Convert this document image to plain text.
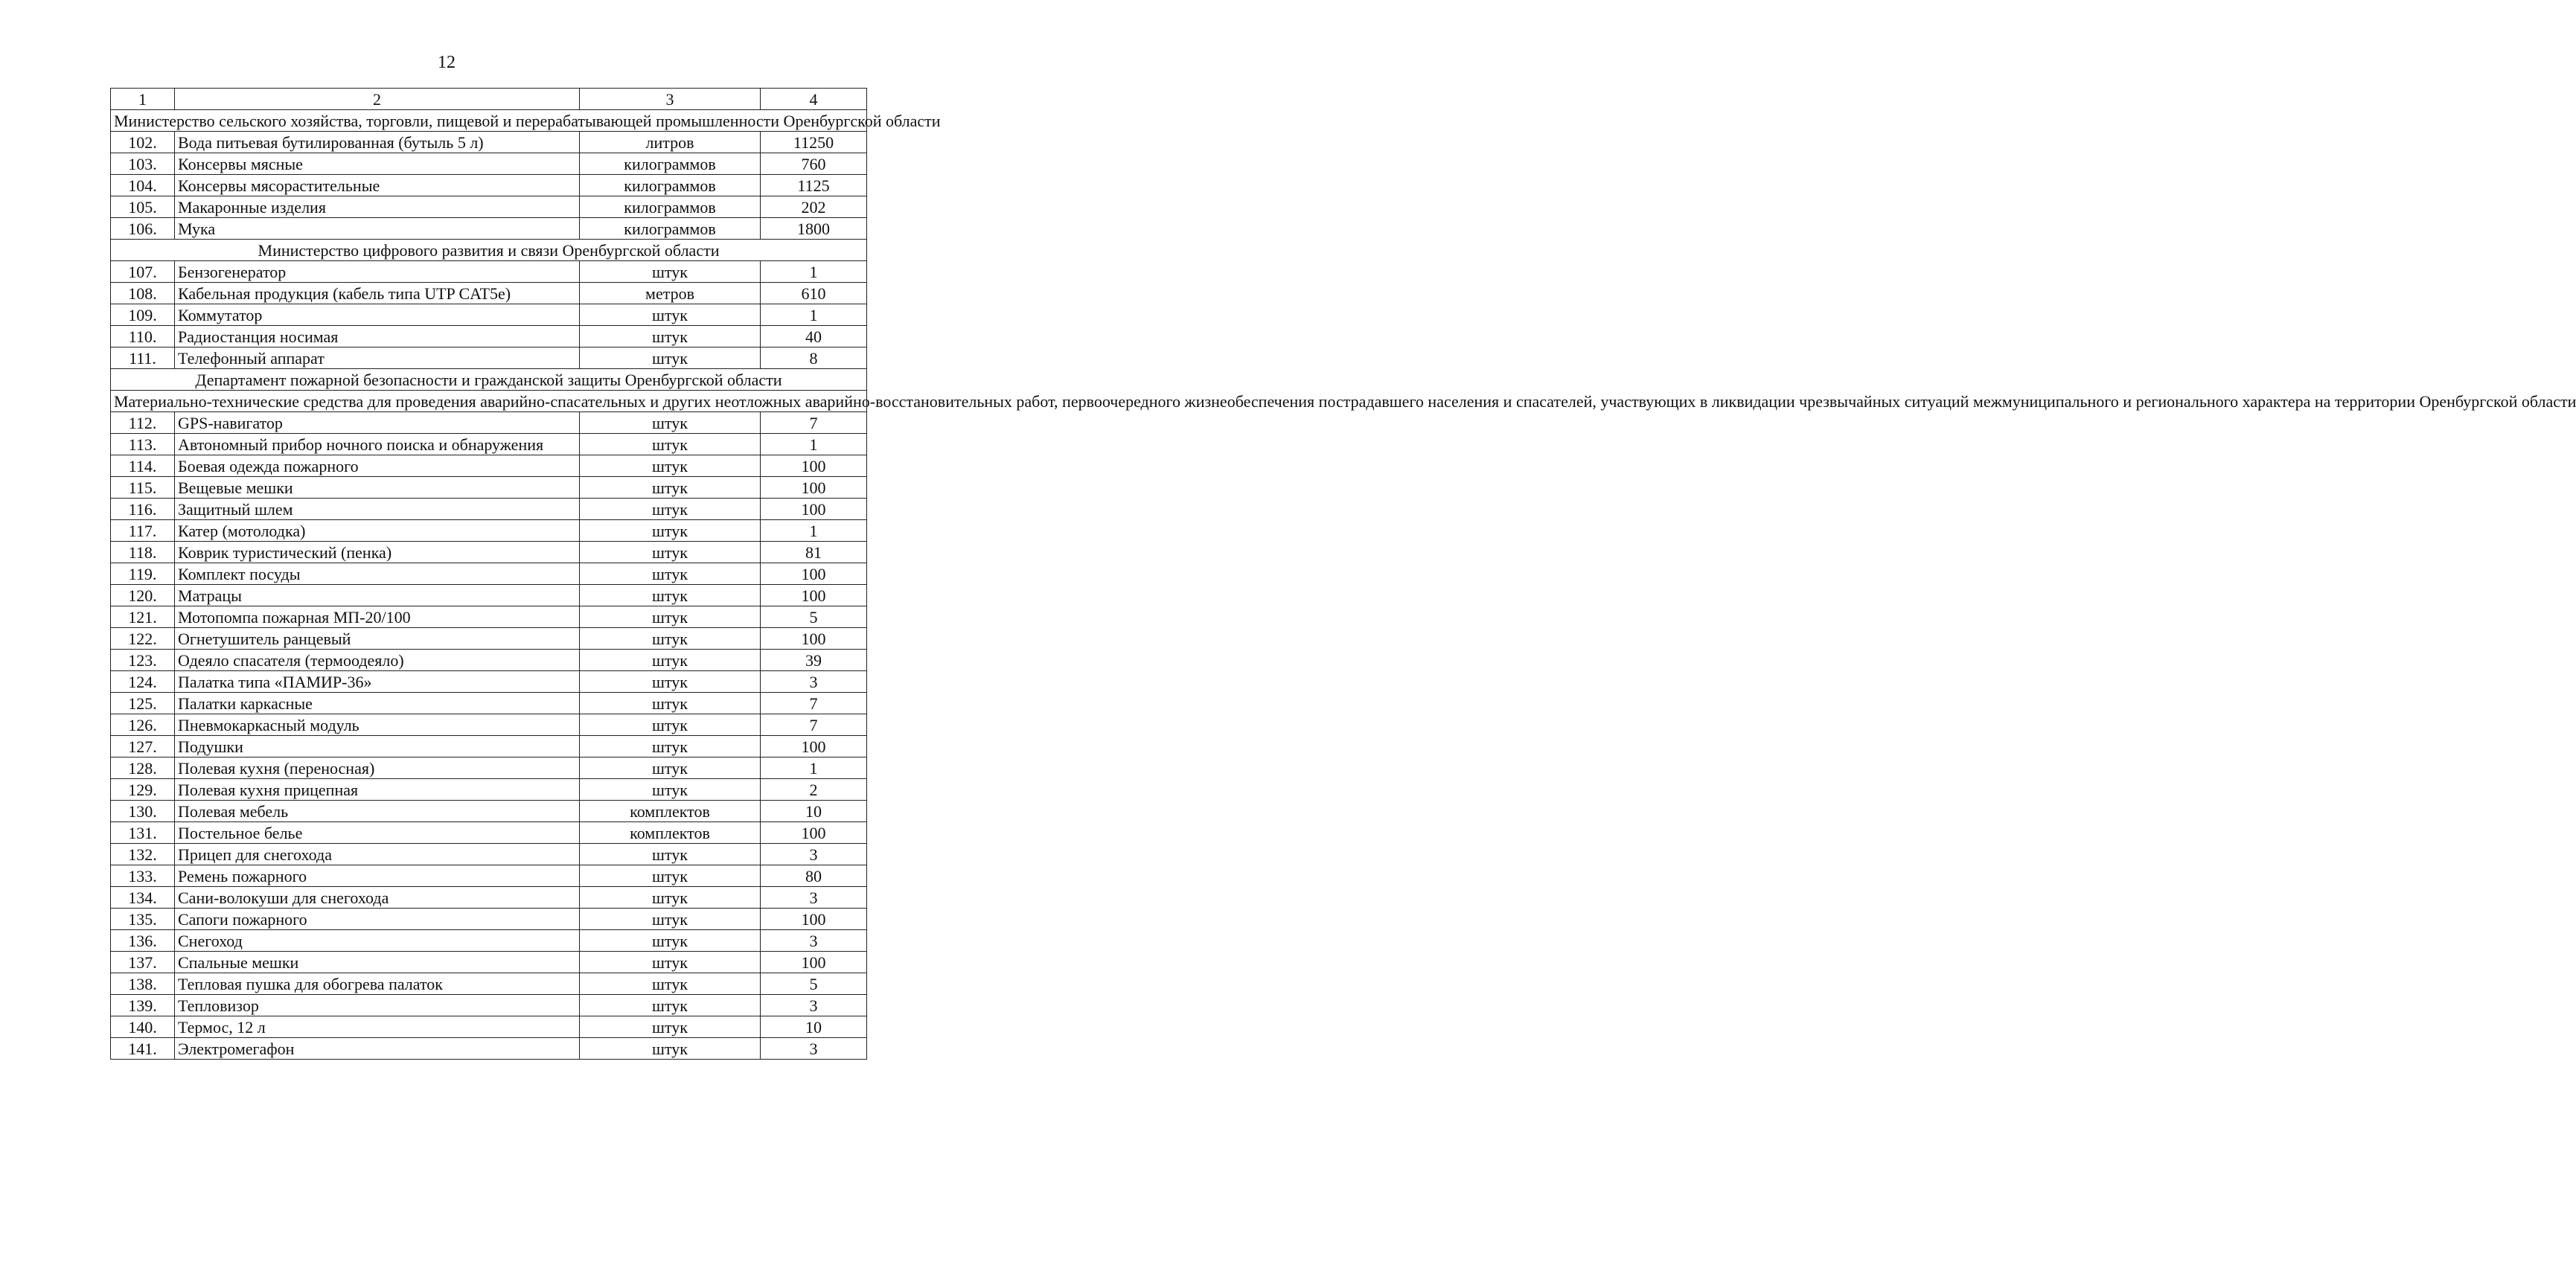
12
1	2	3	4
Министерство сельского хозяйства, торговли, пищевой и перерабатывающей промышленности Оренбургской области			
102.	Вода питьевая бутилированная (бутыль 5 л)	литров	11250
103.	Консервы мясные	килограммов	760
104.	Консервы мясорастительные	килограммов	1125
105.	Макаронные изделия	килограммов	202
106.	Мука	килограммов	1800
Министерство цифрового развития и связи Оренбургской области			
107.	Бензогенератор	штук	1
108.	Кабельная продукция (кабель типа UTP CAT5e)	метров	610
109.	Коммутатор	штук	1
110.	Радиостанция носимая	штук	40
111.	Телефонный аппарат	штук	8
Департамент пожарной безопасности и гражданской защиты Оренбургской области			
Материально-технические средства для проведения аварийно-спасательных и других неотложных аварийно-восстановительных работ, первоочередного жизнеобеспечения пострадавшего населения и спасателей, участвующих в ликвидации чрезвычайных ситуаций межмуниципального и регионального характера на территории Оренбургской области			
112.	GPS-навигатор	штук	7
113.	Автономный прибор ночного поиска и обнаружения	штук	1
114.	Боевая одежда пожарного	штук	100
115.	Вещевые мешки	штук	100
116.	Защитный шлем	штук	100
117.	Катер (мотолодка)	штук	1
118.	Коврик туристический (пенка)	штук	81
119.	Комплект посуды	штук	100
120.	Матрацы	штук	100
121.	Мотопомпа пожарная МП-20/100	штук	5
122.	Огнетушитель ранцевый	штук	100
123.	Одеяло спасателя (термоодеяло)	штук	39
124.	Палатка типа «ПАМИР-36»	штук	3
125.	Палатки каркасные	штук	7
126.	Пневмокаркасный модуль	штук	7
127.	Подушки	штук	100
128.	Полевая кухня (переносная)	штук	1
129.	Полевая кухня прицепная	штук	2
130.	Полевая мебель	комплектов	10
131.	Постельное белье	комплектов	100
132.	Прицеп для снегохода	штук	3
133.	Ремень пожарного	штук	80
134.	Сани-волокуши для снегохода	штук	3
135.	Сапоги пожарного	штук	100
136.	Снегоход	штук	3
137.	Спальные мешки	штук	100
138.	Тепловая пушка для обогрева палаток	штук	5
139.	Тепловизор	штук	3
140.	Термос, 12 л	штук	10
141.	Электромегафон	штук	3
